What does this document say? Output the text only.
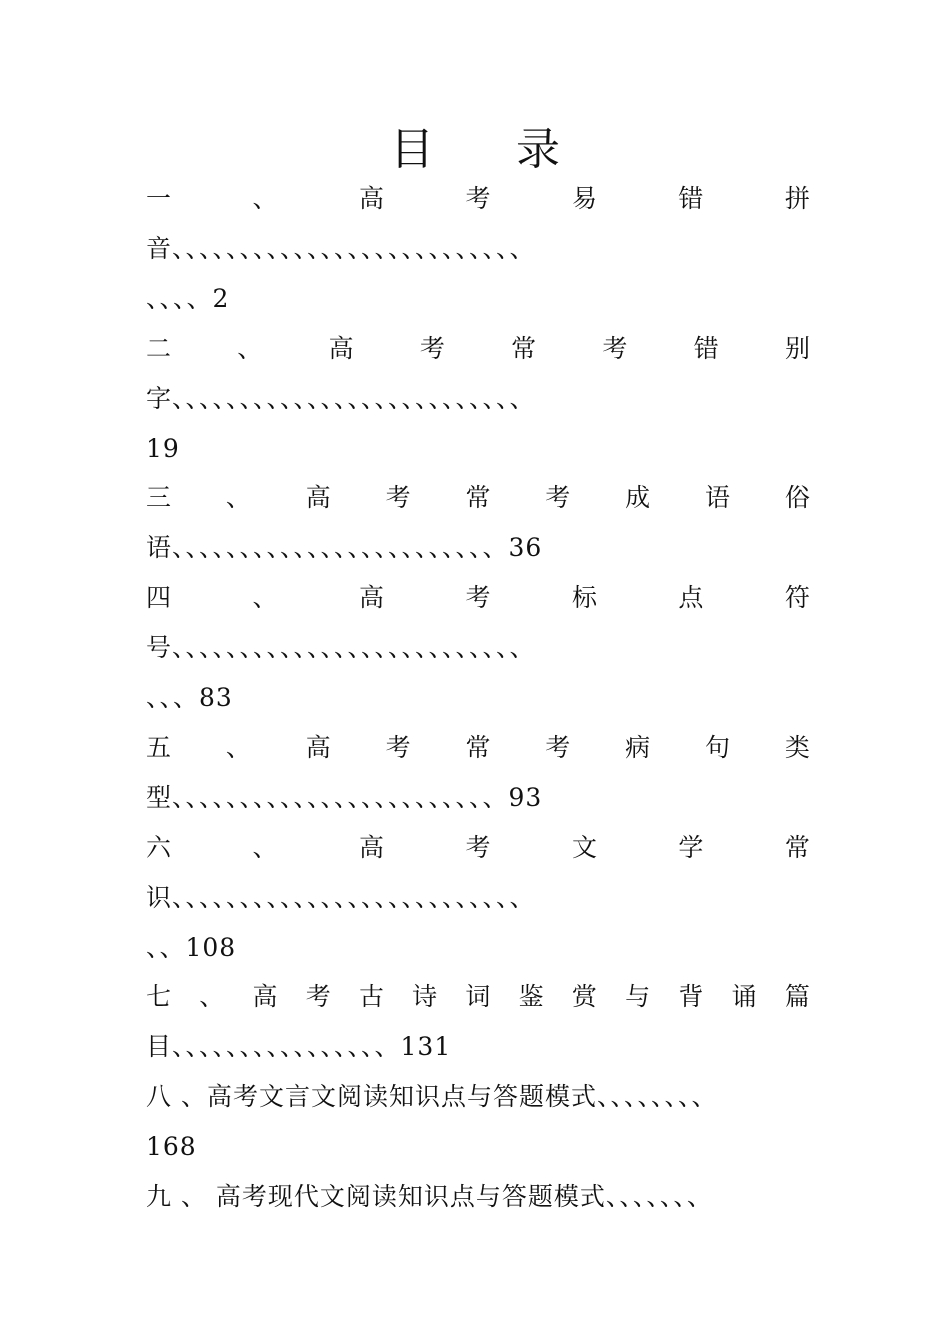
目 录
一	、	高	考	易	错	拼
音、、、、、、、、、、、、、、、、、、、、、、、、、、
、、、、2
二	、	高	考	常	考	错	别
字、、、、、、、、、、、、、、、、、、、、、、、、、、
19
三 、 高 考 常 考 成 语 俗
语、、、、、、、、、、、、、、、、、、、、、、、、36
四	、	高	考	标	点	符
号、、、、、、、、、、、、、、、、、、、、、、、、、、
、、、83
五 、 高 考 常 考 病 句 类
型、、、、、、、、、、、、、、、、、、、、、、、、93
六	、	高	考	文	学	常
识、、、、、、、、、、、、、、、、、、、、、、、、、、
、、108
七 、 高 考 古 诗 词 鉴 赏 与 背 诵 篇
目、、、、、、、、、、、、、、、、131
八 、高考文言文阅读知识点与答题模式、、、、、、、、
168
九 、 高考现代文阅读知识点与答题模式、、、、、、、
